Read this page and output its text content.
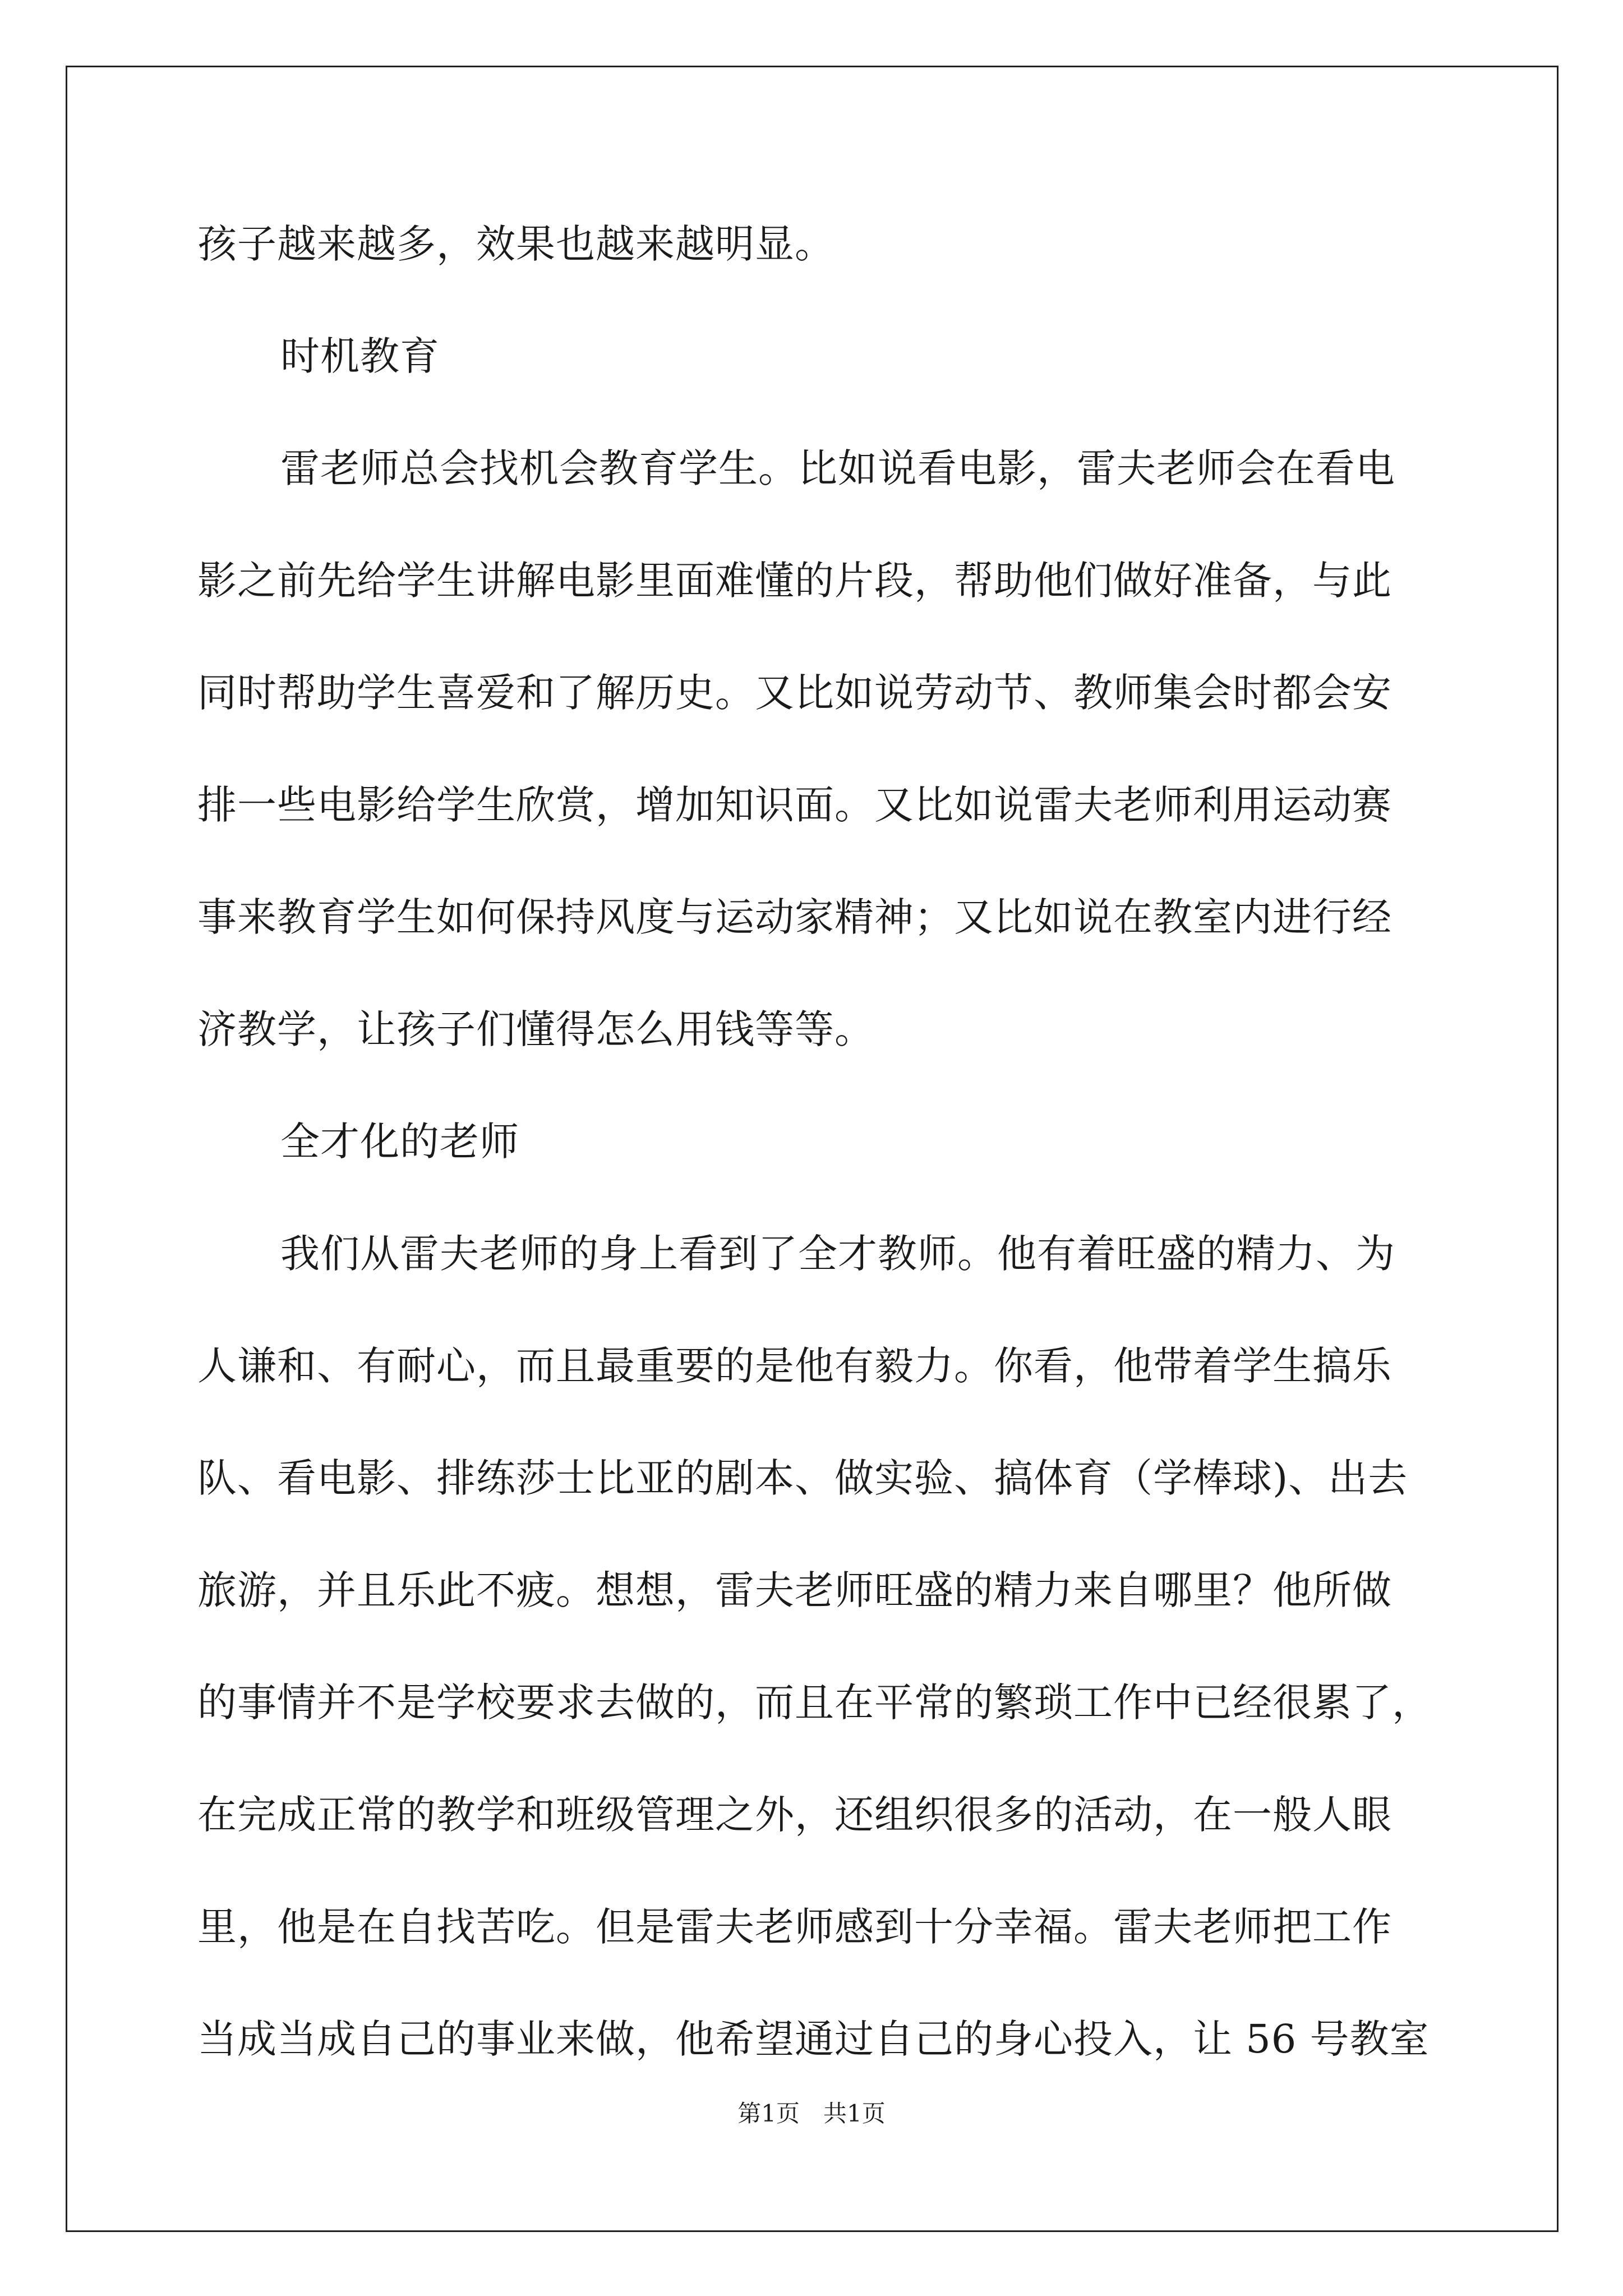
孩子越来越多，效果也越来越明显。
时机教育
雷老师总会找机会教育学生。比如说看电影，雷夫老师会在看电
影之前先给学生讲解电影里面难懂的片段，帮助他们做好准备，与此
同时帮助学生喜爱和了解历史。又比如说劳动节、教师集会时都会安
排一些电影给学生欣赏，增加知识面。又比如说雷夫老师利用运动赛
事来教育学生如何保持风度与运动家精神；又比如说在教室内进行经
济教学，让孩子们懂得怎么用钱等等。
全才化的老师
我们从雷夫老师的身上看到了全才教师。他有着旺盛的精力、为
人谦和、有耐心，而且最重要的是他有毅力。你看，他带着学生搞乐
队、看电影、排练莎士比亚的剧本、做实验、搞体育（学棒球)、出去
旅游，并且乐此不疲。想想，雷夫老师旺盛的精力来自哪里？他所做
的事情并不是学校要求去做的，而且在平常的繁琐工作中已经很累了，
在完成正常的教学和班级管理之外，还组织很多的活动，在一般人眼
里，他是在自找苦吃。但是雷夫老师感到十分幸福。雷夫老师把工作
当成当成自己的事业来做，他希望通过自己的身心投入，让 56 号教室
第1页　共1页
